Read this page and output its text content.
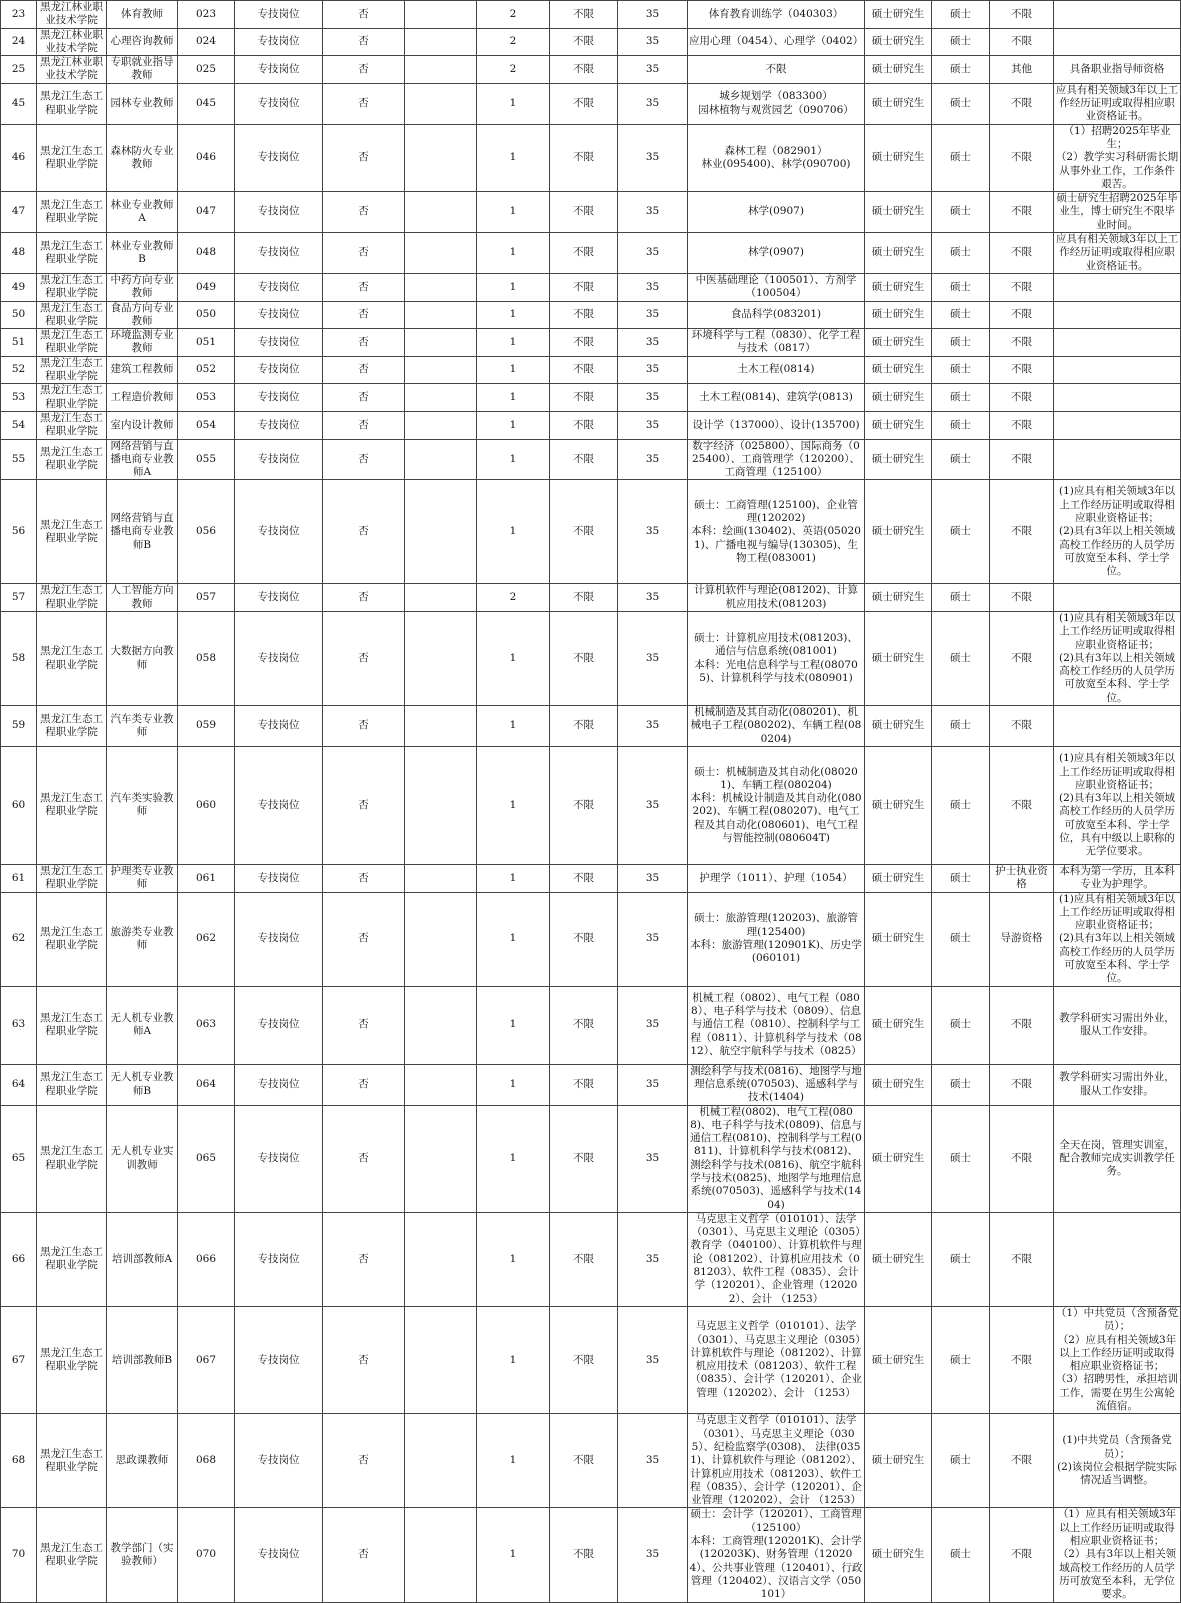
23	黑龙江林业职业技术学院	体育教师	023	专技岗位	否		2	不限	35	体育教育训练学（040303）	硕士研究生	硕士	不限	
24	黑龙江林业职业技术学院	心理咨询教师	024	专技岗位	否		2	不限	35	应用心理（0454）、心理学（0402）	硕士研究生	硕士	不限	
25	黑龙江林业职业技术学院	专职就业指导教师	025	专技岗位	否		2	不限	35	不限	硕士研究生	硕士	其他	具备职业指导师资格
45	黑龙江生态工程职业学院	园林专业教师	045	专技岗位	否		1	不限	35	城乡规划学（083300）
园林植物与观赏园艺（090706）	硕士研究生	硕士	不限	应具有相关领域3年以上工作经历证明或取得相应职业资格证书。
46	黑龙江生态工程职业学院	森林防火专业教师	046	专技岗位	否		1	不限	35	森林工程（082901）
林业(095400)、林学(090700)	硕士研究生	硕士	不限	（1）招聘2025年毕业生；
（2）教学实习科研需长期从事外业工作，工作条件艰苦。
47	黑龙江生态工程职业学院	林业专业教师A	047	专技岗位	否		1	不限	35	林学(0907)	硕士研究生	硕士	不限	硕士研究生招聘2025年毕业生，博士研究生不限毕业时间。
48	黑龙江生态工程职业学院	林业专业教师B	048	专技岗位	否		1	不限	35	林学(0907)	硕士研究生	硕士	不限	应具有相关领域3年以上工作经历证明或取得相应职业资格证书。
49	黑龙江生态工程职业学院	中药方向专业教师	049	专技岗位	否		1	不限	35	中医基础理论（100501）、方剂学（100504）	硕士研究生	硕士	不限	
50	黑龙江生态工程职业学院	食品方向专业教师	050	专技岗位	否		1	不限	35	食品科学(083201)	硕士研究生	硕士	不限	
51	黑龙江生态工程职业学院	环境监测专业教师	051	专技岗位	否		1	不限	35	环境科学与工程（0830）、化学工程与技术（0817）	硕士研究生	硕士	不限	
52	黑龙江生态工程职业学院	建筑工程教师	052	专技岗位	否		1	不限	35	土木工程(0814)	硕士研究生	硕士	不限	
53	黑龙江生态工程职业学院	工程造价教师	053	专技岗位	否		1	不限	35	土木工程(0814)、建筑学(0813)	硕士研究生	硕士	不限	
54	黑龙江生态工程职业学院	室内设计教师	054	专技岗位	否		1	不限	35	设计学（137000）、设计(135700)	硕士研究生	硕士	不限	
55	黑龙江生态工程职业学院	网络营销与直播电商专业教师A	055	专技岗位	否		1	不限	35	数字经济（025800）、国际商务（025400）、工商管理学（120200）、工商管理（125100）	硕士研究生	硕士	不限	
56	黑龙江生态工程职业学院	网络营销与直播电商专业教师B	056	专技岗位	否		1	不限	35	硕士：工商管理(125100)、企业管理(120202)
本科：绘画(130402)、英语(050201)、广播电视与编导(130305)、生物工程(083001)	硕士研究生	硕士	不限	(1)应具有相关领域3年以上工作经历证明或取得相应职业资格证书；
(2)具有3年以上相关领域高校工作经历的人员学历可放宽至本科、学士学位。
57	黑龙江生态工程职业学院	人工智能方向教师	057	专技岗位	否		2	不限	35	计算机软件与理论(081202)、计算机应用技术(081203)	硕士研究生	硕士	不限	
58	黑龙江生态工程职业学院	大数据方向教师	058	专技岗位	否		1	不限	35	硕士：计算机应用技术(081203)、通信与信息系统(081001)
本科：光电信息科学与工程(080705)、计算机科学与技术(080901)	硕士研究生	硕士	不限	(1)应具有相关领域3年以上工作经历证明或取得相应职业资格证书；
(2)具有3年以上相关领域高校工作经历的人员学历可放宽至本科、学士学位。
59	黑龙江生态工程职业学院	汽车类专业教师	059	专技岗位	否		1	不限	35	机械制造及其自动化(080201)、机械电子工程(080202)、车辆工程(080204)	硕士研究生	硕士	不限	
60	黑龙江生态工程职业学院	汽车类实验教师	060	专技岗位	否		1	不限	35	硕士：机械制造及其自动化(080201)、车辆工程(080204)
本科：机械设计制造及其自动化(080202)、车辆工程(080207)、电气工程及其自动化(080601)、电气工程与智能控制(080604T)	硕士研究生	硕士	不限	(1)应具有相关领域3年以上工作经历证明或取得相应职业资格证书；
(2)具有3年以上相关领域高校工作经历的人员学历可放宽至本科、学士学位，具有中级以上职称的无学位要求。
61	黑龙江生态工程职业学院	护理类专业教师	061	专技岗位	否		1	不限	35	护理学（1011）、护理（1054）	硕士研究生	硕士	护士执业资格	本科为第一学历，且本科专业为护理学。
62	黑龙江生态工程职业学院	旅游类专业教师	062	专技岗位	否		1	不限	35	硕士：旅游管理(120203)、旅游管理(125400)
本科：旅游管理(120901K)、历史学(060101)	硕士研究生	硕士	导游资格	(1)应具有相关领域3年以上工作经历证明或取得相应职业资格证书；
(2)具有3年以上相关领域高校工作经历的人员学历可放宽至本科、学士学位。
63	黑龙江生态工程职业学院	无人机专业教师A	063	专技岗位	否		1	不限	35	机械工程（0802）、电气工程（0808）、电子科学与技术（0809）、信息与通信工程（0810）、控制科学与工程（0811）、计算机科学与技术（0812）、航空宇航科学与技术（0825）	硕士研究生	硕士	不限	教学科研实习需出外业，服从工作安排。
64	黑龙江生态工程职业学院	无人机专业教师B	064	专技岗位	否		1	不限	35	测绘科学与技术(0816)、地图学与地理信息系统(070503)、遥感科学与技术(1404)	硕士研究生	硕士	不限	教学科研实习需出外业，服从工作安排。
65	黑龙江生态工程职业学院	无人机专业实训教师	065	专技岗位	否		1	不限	35	机械工程(0802)、电气工程(0808)、电子科学与技术(0809)、信息与通信工程(0810)、控制科学与工程(0811)、计算机科学与技术(0812)、测绘科学与技术(0816)、航空宇航科学与技术(0825)、地图学与地理信息系统(070503)、遥感科学与技术(1404)	硕士研究生	硕士	不限	全天在岗，管理实训室，配合教师完成实训教学任务。
66	黑龙江生态工程职业学院	培训部教师A	066	专技岗位	否		1	不限	35	马克思主义哲学（010101）、法学（0301）、马克思主义理论（0305）教育学（040100）、计算机软件与理论（081202）、计算机应用技术（081203）、软件工程（0835）、会计学（120201）、企业管理（120202）、会计 （1253）	硕士研究生	硕士	不限	
67	黑龙江生态工程职业学院	培训部教师B	067	专技岗位	否		1	不限	35	马克思主义哲学（010101）、法学（0301）、马克思主义理论（0305）计算机软件与理论（081202）、计算机应用技术（081203）、软件工程（0835）、会计学（120201）、企业管理（120202）、会计 （1253）	硕士研究生	硕士	不限	（1）中共党员（含预备党员）；
（2）应具有相关领域3年以上工作经历证明或取得相应职业资格证书；
（3）招聘男性，承担培训工作，需要在男生公寓轮流值宿。
68	黑龙江生态工程职业学院	思政课教师	068	专技岗位	否		1	不限	35	马克思主义哲学（010101）、法学（0301）、马克思主义理论（0305）、纪检监察学(0308)、 法律(0351)、计算机软件与理论（081202）、计算机应用技术（081203）、软件工程（0835）、会计学（120201）、企业管理（120202）、会计 （1253）	硕士研究生	硕士	不限	(1)中共党员（含预备党员）；
(2)该岗位会根据学院实际情况适当调整。
70	黑龙江生态工程职业学院	教学部门（实验教师）	070	专技岗位	否		1	不限	35	硕士：会计学（120201）、工商管理（125100）
本科：工商管理(120201K)、会计学(120203K)、财务管理（120204）、公共事业管理（120401）、行政管理（120402）、汉语言文学（050101）	硕士研究生	硕士	不限	（1）应具有相关领域3年以上工作经历证明或取得相应职业资格证书；
（2）具有3年以上相关领域高校工作经历的人员学历可放宽至本科，无学位要求。
